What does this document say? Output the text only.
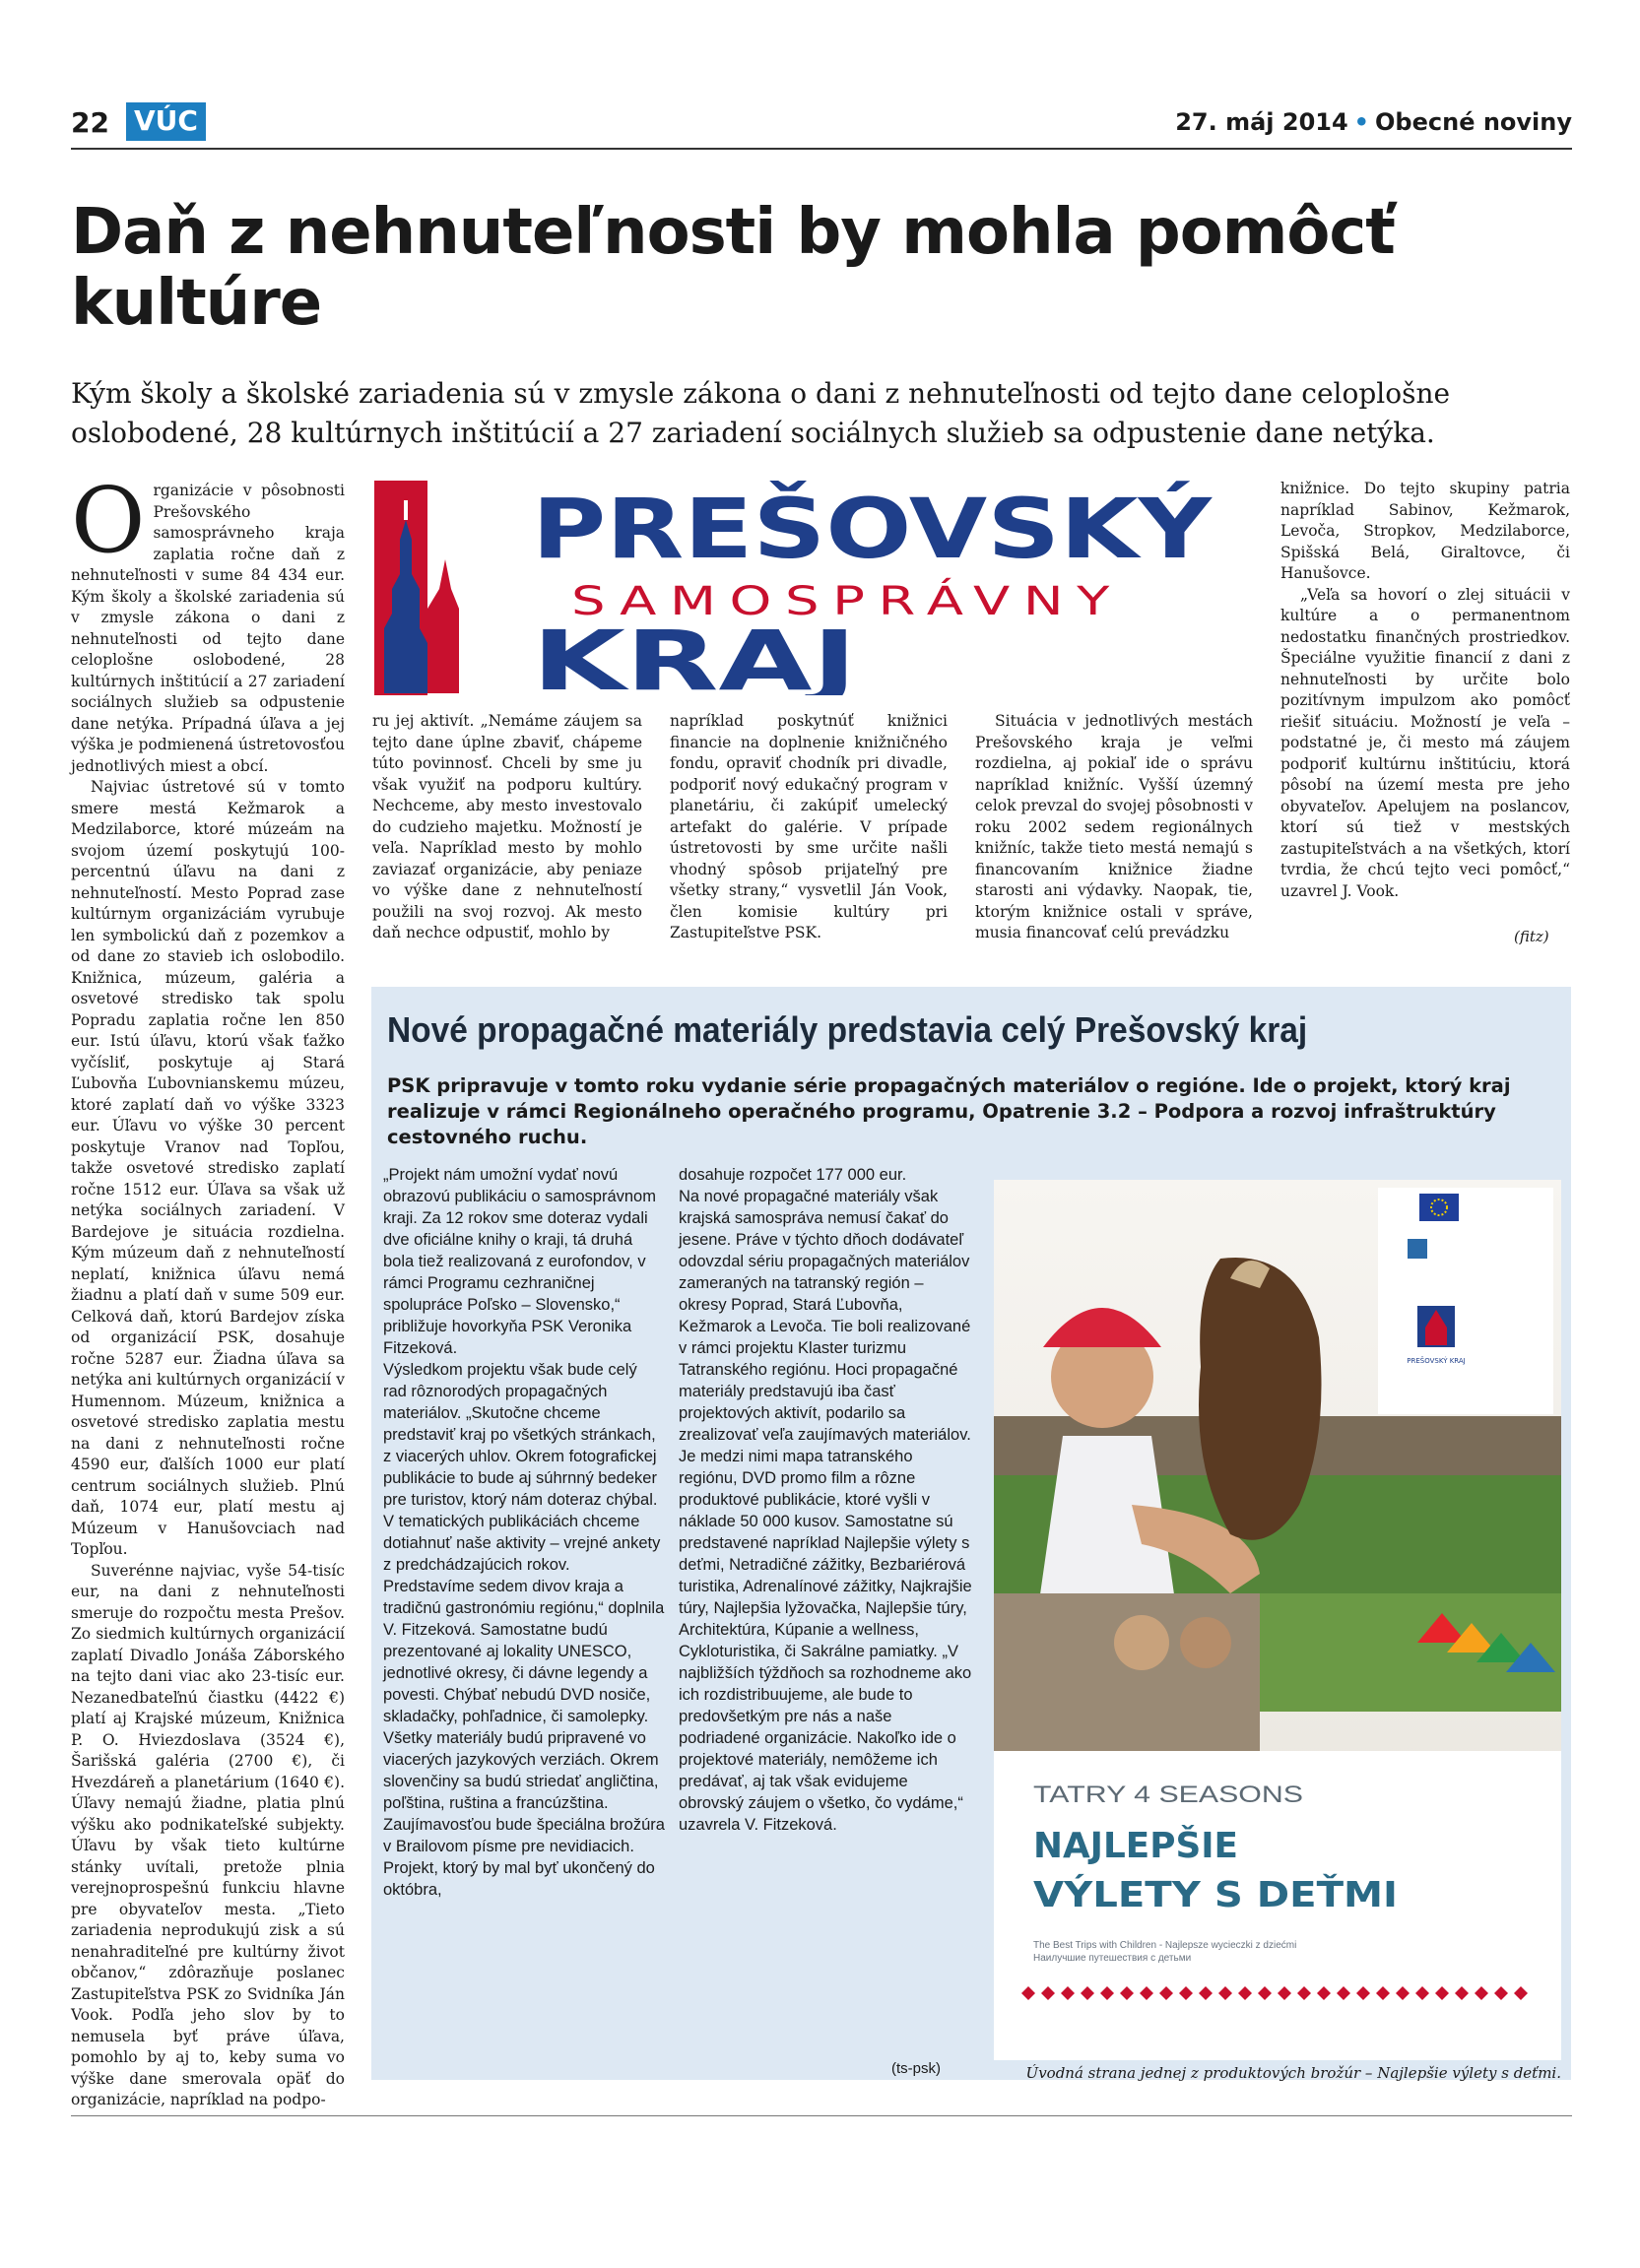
22 VÚC	27. máj 2014 • Obecné noviny
Daň z nehnuteľnosti by mohla pomôcť kultúre

Kým školy a školské zariadenia sú v zmysle zákona o dani z nehnuteľnosti od tejto dane celoplošne oslobodené, 28 kultúrnych inštitúcií a 27 zariadení sociálnych služieb sa odpustenie dane netýka.

Organizácie v pôsobnosti Prešovského samosprávneho kraja zaplatia ročne daň z nehnuteľnosti v sume 84 434 eur. Kým školy a školské zariadenia sú v zmysle zákona o dani z nehnuteľnosti od tejto dane celoplošne oslobodené, 28 kultúrnych inštitúcií a 27 zariadení sociálnych služieb sa odpustenie dane netýka. Prípadná úľava a jej výška je podmienená ústretovosťou jednotlivých miest a obcí.

Najviac ústretové sú v tomto smere mestá Kežmarok a Medzilaborce, ktoré múzeám na svojom území poskytujú 100-percentnú úľavu na dani z nehnuteľností. Mesto Poprad zase kultúrnym organizáciám vyrubuje len symbolickú daň z pozemkov a od dane zo stavieb ich oslobodilo. Knižnica, múzeum, galéria a osvetové stredisko tak spolu Popradu zaplatia ročne len 850 eur. Istú úľavu, ktorú však ťažko vyčísliť, poskytuje aj Stará Ľubovňa Ľubovnianskemu múzeu, ktoré zaplatí daň vo výške 3323 eur. Úľavu vo výške 30 percent poskytuje Vranov nad Topľou, takže osvetové stredisko zaplatí ročne 1512 eur. Úľava sa však už netýka sociálnych zariadení. V Bardejove je situácia rozdielna. Kým múzeum daň z nehnuteľností neplatí, knižnica úľavu nemá žiadnu a platí daň v sume 509 eur. Celková daň, ktorú Bardejov získa od organizácií PSK, dosahuje ročne 5287 eur. Žiadna úľava sa netýka ani kultúrnych organizácií v Humennom. Múzeum, knižnica a osvetové stredisko zaplatia mestu na dani z nehnuteľnosti ročne 4590 eur, ďalších 1000 eur platí centrum sociálnych služieb. Plnú daň, 1074 eur, platí mestu aj Múzeum v Hanušovciach nad Topľou.

Suverénne najviac, vyše 54-tisíc eur, na dani z nehnuteľnosti smeruje do rozpočtu mesta Prešov. Zo siedmich kultúrnych organizácií zaplatí Divadlo Jonáša Záborského na tejto dani viac ako 23-tisíc eur. Nezanedbateľnú čiastku (4422 €) platí aj Krajské múzeum, Knižnica P. O. Hviezdoslava (3524 €), Šarišská galéria (2700 €), či Hvezdáreň a planetárium (1640 €). Úľavy nemajú žiadne, platia plnú výšku ako podnikateľské subjekty. Úľavu by však tieto kultúrne stánky uvítali, pretože plnia verejnoprospešnú funkciu hlavne pre obyvateľov mesta. „Tieto zariadenia neprodukujú zisk a sú nenahraditeľné pre kultúrny život občanov,“ zdôrazňuje poslanec Zastupiteľstva PSK zo Svidníka Ján Vook. Podľa jeho slov by to nemusela byť práve úľava, pomohlo by aj to, keby suma vo výške dane smerovala opäť do organizácie, napríklad na podpo-

PREŠOVSKÝ
SAMOSPRÁVNY
KRAJ

ru jej aktivít. „Nemáme záujem sa tejto dane úplne zbaviť, chápeme túto povinnosť. Chceli by sme ju však využiť na podporu kultúry. Nechceme, aby mesto investovalo do cudzieho majetku. Možností je veľa. Napríklad mesto by mohlo zaviazať organizácie, aby peniaze vo výške dane z nehnuteľností použili na svoj rozvoj. Ak mesto daň nechce odpustiť, mohlo by

napríklad poskytnúť knižnici financie na doplnenie knižničného fondu, opraviť chodník pri divadle, podporiť nový edukačný program v planetáriu, či zakúpiť umelecký artefakt do galérie. V prípade ústretovosti by sme určite našli vhodný spôsob prijateľný pre všetky strany,“ vysvetlil Ján Vook, člen komisie kultúry pri Zastupiteľstve PSK.

Situácia v jednotlivých mestách Prešovského kraja je veľmi rozdielna, aj pokiaľ ide o správu napríklad knižníc. Vyšší územný celok prevzal do svojej pôsobnosti v roku 2002 sedem regionálnych knižníc, takže tieto mestá nemajú s financovaním knižnice žiadne starosti ani výdavky. Naopak, tie, ktorým knižnice ostali v správe, musia financovať celú prevádzku

knižnice. Do tejto skupiny patria napríklad Sabinov, Kežmarok, Levoča, Stropkov, Medzilaborce, Spišská Belá, Giraltovce, či Hanušovce.

„Veľa sa hovorí o zlej situácii v kultúre a o permanentnom nedostatku finančných prostriedkov. Špeciálne využitie financií z dani z nehnuteľnosti by určite bolo pozitívnym impulzom ako pomôcť riešiť situáciu. Možností je veľa – podstatné je, či mesto má záujem podporiť kultúrnu inštitúciu, ktorá pôsobí na území mesta pre jeho obyvateľov. Apelujem na poslancov, ktorí sú tiež v mestských zastupiteľstvách a na všetkých, ktorí tvrdia, že chcú tejto veci pomôcť,“ uzavrel J. Vook.

(fitz)
Nové propagačné materiály predstavia celý Prešovský kraj

PSK pripravuje v tomto roku vydanie série propagačných materiálov o regióne. Ide o projekt, ktorý kraj realizuje v rámci Regionálneho operačného programu, Opatrenie 3.2 – Podpora a rozvoj infraštruktúry cestovného ruchu.

„Projekt nám umožní vydať novú obrazovú publikáciu o samosprávnom kraji. Za 12 rokov sme doteraz vydali dve oficiálne knihy o kraji, tá druhá bola tiež realizovaná z eurofondov, v rámci Programu cezhraničnej spolupráce Poľsko – Slovensko,“ približuje hovorkyňa PSK Veronika Fitzeková.

Výsledkom projektu však bude celý rad rôznorodých propagačných materiálov. „Skutočne chceme predstaviť kraj po všetkých stránkach, z viacerých uhlov. Okrem fotografickej publikácie to bude aj súhrnný bedeker pre turistov, ktorý nám doteraz chýbal. V tematických publikáciách chceme dotiahnuť naše aktivity – vrejné ankety z predchádzajúcich rokov. Predstavíme sedem divov kraja a tradičnú gastronómiu regiónu,“ doplnila V. Fitzeková. Samostatne budú prezentované aj lokality UNESCO, jednotlivé okresy, či dávne legendy a povesti. Chýbať nebudú DVD nosiče, skladačky, pohľadnice, či samolepky.

Všetky materiály budú pripravené vo viacerých jazykových verziách. Okrem slovenčiny sa budú striedať angličtina, poľština, ruština a francúzština. Zaujímavosťou bude špeciálna brožúra v Brailovom písme pre nevidiacich. Projekt, ktorý by mal byť ukončený do októbra,

dosahuje rozpočet 177 000 eur.

Na nové propagačné materiály však krajská samospráva nemusí čakať do jesene. Práve v týchto dňoch dodávateľ odovzdal sériu propagačných materiálov zameraných na tatranský región – okresy Poprad, Stará Ľubovňa, Kežmarok a Levoča. Tie boli realizované v rámci projektu Klaster turizmu Tatranského regiónu. Hoci propagačné materiály predstavujú iba časť projektových aktivít, podarilo sa zrealizovať veľa zaujímavých materiálov. Je medzi nimi mapa tatranského regiónu, DVD promo film a rôzne produktové publikácie, ktoré vyšli v náklade 50 000 kusov. Samostatne sú predstavené napríklad Najlepšie výlety s deťmi, Netradičné zážitky, Bezbariérová turistika, Adrenalínové zážitky, Najkrajšie túry, Najlepšia lyžovačka, Najlepšie túry, Architektúra, Kúpanie a wellness, Cykloturistika, či Sakrálne pamiatky. „V najbližších týždňoch sa rozhodneme ako ich rozdistribuujeme, ale bude to predovšetkým pre nás a naše podriadené organizácie. Nakoľko ide o projektové materiály, nemôžeme ich predávať, aj tak však evidujeme obrovský záujem o všetko, čo vydáme,“ uzavrela V. Fitzeková.

(ts-psk)
PREŠOVSKÝ KRAJ
TATRY 4 SEASONS
NAJLEPŠIE
VÝLETY S DEŤMI
The Best Trips with Children - Najlepsze wycieczki z dziećmi Наилучшие путешествия с детьми
Úvodná strana jednej z produktových brožúr – Najlepšie výlety s deťmi.
